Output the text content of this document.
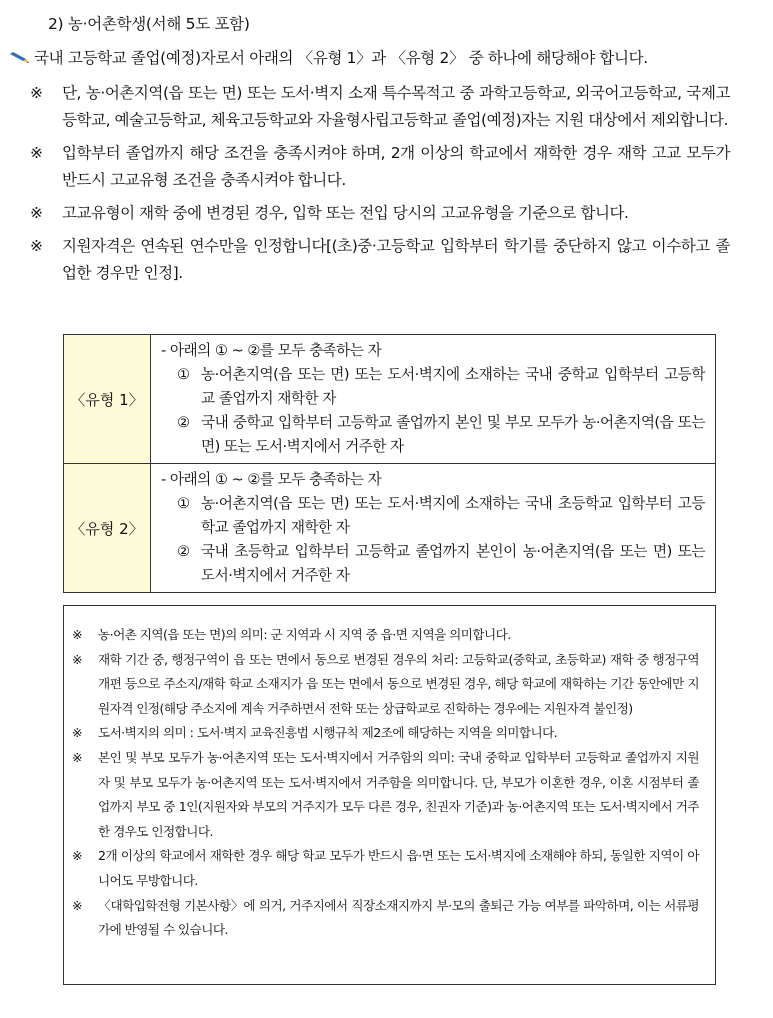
2) 농·어촌학생(서해 5도 포함)
국내 고등학교 졸업(예정)자로서 아래의 〈유형 1〉과 〈유형 2〉 중 하나에 해당해야 합니다.
※ 단, 농·어촌지역(읍 또는 면) 또는 도서·벽지 소재 특수목적고 중 과학고등학교, 외국어고등학교, 국제고등학교, 예술고등학교, 체육고등학교와 자율형사립고등학교 졸업(예정)자는 지원 대상에서 제외합니다.
※ 입학부터 졸업까지 해당 조건을 충족시켜야 하며, 2개 이상의 학교에서 재학한 경우 재학 고교 모두가 반드시 고교유형 조건을 충족시켜야 합니다.
※ 고교유형이 재학 중에 변경된 경우, 입학 또는 전입 당시의 고교유형을 기준으로 합니다.
※ 지원자격은 연속된 연수만을 인정합니다[(초)중·고등학교 입학부터 학기를 중단하지 않고 이수하고 졸업한 경우만 인정].
〈유형 1〉	- 아래의 ① ~ ②를 모두 충족하는 자
① 농·어촌지역(읍 또는 면) 또는 도서·벽지에 소재하는 국내 중학교 입학부터 고등학교 졸업까지 재학한 자
② 국내 중학교 입학부터 고등학교 졸업까지 본인 및 부모 모두가 농·어촌지역(읍 또는 면) 또는 도서·벽지에서 거주한 자

〈유형 2〉	- 아래의 ① ~ ②를 모두 충족하는 자
① 농·어촌지역(읍 또는 면) 또는 도서·벽지에 소재하는 국내 초등학교 입학부터 고등학교 졸업까지 재학한 자
② 국내 초등학교 입학부터 고등학교 졸업까지 본인이 농·어촌지역(읍 또는 면) 또는 도서·벽지에서 거주한 자
※ 농·어촌 지역(읍 또는 면)의 의미: 군 지역과 시 지역 중 읍·면 지역을 의미합니다.
※ 재학 기간 중, 행정구역이 읍 또는 면에서 동으로 변경된 경우의 처리: 고등학교(중학교, 초등학교) 재학 중 행정구역 개편 등으로 주소지/재학 학교 소재지가 읍 또는 면에서 동으로 변경된 경우, 해당 학교에 재학하는 기간 동안에만 지원자격 인정(해당 주소지에 계속 거주하면서 전학 또는 상급학교로 진학하는 경우에는 지원자격 불인정)
※ 도서·벽지의 의미 : 도서·벽지 교육진흥법 시행규칙 제2조에 해당하는 지역을 의미합니다.
※ 본인 및 부모 모두가 농·어촌지역 또는 도서·벽지에서 거주함의 의미: 국내 중학교 입학부터 고등학교 졸업까지 지원자 및 부모 모두가 농·어촌지역 또는 도서·벽지에서 거주함을 의미합니다. 단, 부모가 이혼한 경우, 이혼 시점부터 졸업까지 부모 중 1인(지원자와 부모의 거주지가 모두 다른 경우, 친권자 기준)과 농·어촌지역 또는 도서·벽지에서 거주한 경우도 인정합니다.
※ 2개 이상의 학교에서 재학한 경우 해당 학교 모두가 반드시 읍·면 또는 도서·벽지에 소재해야 하되, 동일한 지역이 아니어도 무방합니다.
※ 〈대학입학전형 기본사항〉에 의거, 거주지에서 직장소재지까지 부·모의 출퇴근 가능 여부를 파악하며, 이는 서류평가에 반영될 수 있습니다.
